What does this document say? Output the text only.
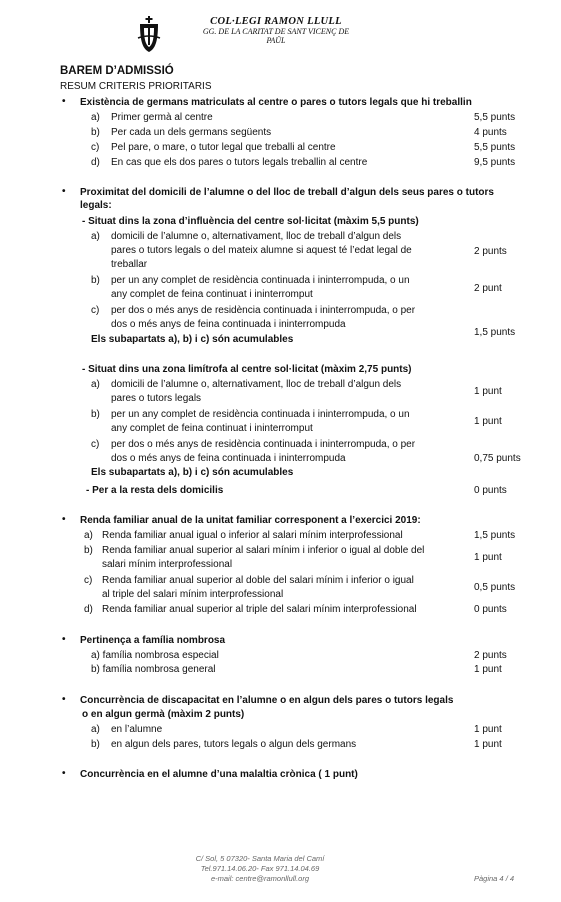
COL·LEGI RAMON LLULL
GG. DE LA CARITAT DE SANT VICENÇ DE
PAÜL
BAREM D’ADMISSIÓ
RESUM CRITERIS PRIORITARIS
• Existència de germans matriculats al centre o pares o tutors legals que hi treballin
a) Primer germà al centre	5,5 punts
b) Per cada un dels germans següents	4 punts
c) Pel pare, o mare, o tutor legal que treballi al centre	5,5 punts
d) En cas que els dos pares o tutors legals treballin al centre	9,5 punts
• Proximitat del domicili de l’alumne o del lloc de treball d’algun dels seus pares o tutors
legals:
- Situat dins la zona d’influència del centre sol·licitat (màxim 5,5 punts)
a) domicili de l’alumne o, alternativament, lloc de treball d’algun dels
pares o tutors legals o del mateix alumne si aquest té l’edat legal de
treballar
2 punts
b) per un any complet de residència continuada i ininterrompuda, o un
any complet de feina continuat i ininterromput
2 punt
c) per dos o més anys de residència continuada i ininterrompuda, o per
dos o més anys de feina continuada i ininterrompuda
1,5 punts
Els subapartats a), b) i c) són acumulables
- Situat dins una zona limítrofa al centre sol·licitat (màxim 2,75 punts)
a) domicili de l’alumne o, alternativament, lloc de treball d’algun dels
pares o tutors legals
1 punt
b) per un any complet de residència continuada i ininterrompuda, o un
any complet de feina continuat i ininterromput
1 punt
c) per dos o més anys de residència continuada i ininterrompuda, o per
dos o més anys de feina continuada i ininterrompuda	0,75 punts
Els subapartats a), b) i c) són acumulables
- Per a la resta dels domicilis	0 punts
• Renda familiar anual de la unitat familiar corresponent a l’exercici 2019:
a) Renda familiar anual igual o inferior al salari mínim interprofessional	1,5 punts
b) Renda familiar anual superior al salari mínim i inferior o igual al doble del
salari mínim interprofessional
1 punt
c) Renda familiar anual superior al doble del salari mínim i inferior o igual
al triple del salari mínim interprofessional
0,5 punts
d) Renda familiar anual superior al triple del salari mínim interprofessional	0 punts
• Pertinença a família nombrosa
a) família nombrosa especial	2 punts
b) família nombrosa general	1 punt
• Concurrència de discapacitat en l’alumne o en algun dels pares o tutors legals
o en algun germà (màxim 2 punts)
a) en l’alumne	1 punt
b) en algun dels pares, tutors legals o algun dels germans	1 punt
• Concurrència en el alumne d’una malaltia crònica ( 1 punt)
C/ Sol, 5 07320- Santa Maria del Camí
Tel.971.14.06.20- Fax 971.14.04.69
e-mail: centre@ramonllull.org	Pàgina 4 / 4
